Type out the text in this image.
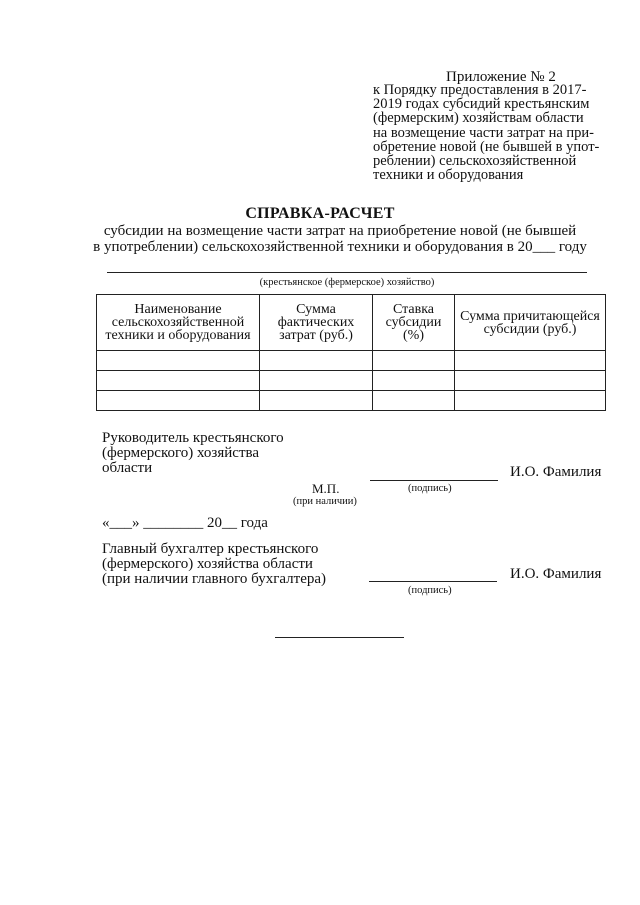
Приложение № 2
к Порядку предоставления в 2017-
2019 годах субсидий крестьянским
(фермерским) хозяйствам области
на возмещение части затрат на при-
обретение новой (не бывшей в упот-
реблении) сельскохозяйственной
техники и оборудования
СПРАВКА-РАСЧЕТ
субсидии на возмещение части затрат на приобретение новой (не бывшей
в употреблении) сельскохозяйственной техники и оборудования в 20___ году
(крестьянское (фермерское) хозяйство)
Наименование сельскохозяйственной техники и оборудования	Сумма фактических затрат (руб.)	Ставка субсидии (%)	Сумма причитающейся субсидии (руб.)

Руководитель крестьянского
(фермерского) хозяйства
области
(подпись)
И.О. Фамилия
М.П.
(при наличии)
«___» ________ 20__ года
Главный бухгалтер крестьянского
(фермерского) хозяйства области
(при наличии главного бухгалтера)
(подпись)
И.О. Фамилия
